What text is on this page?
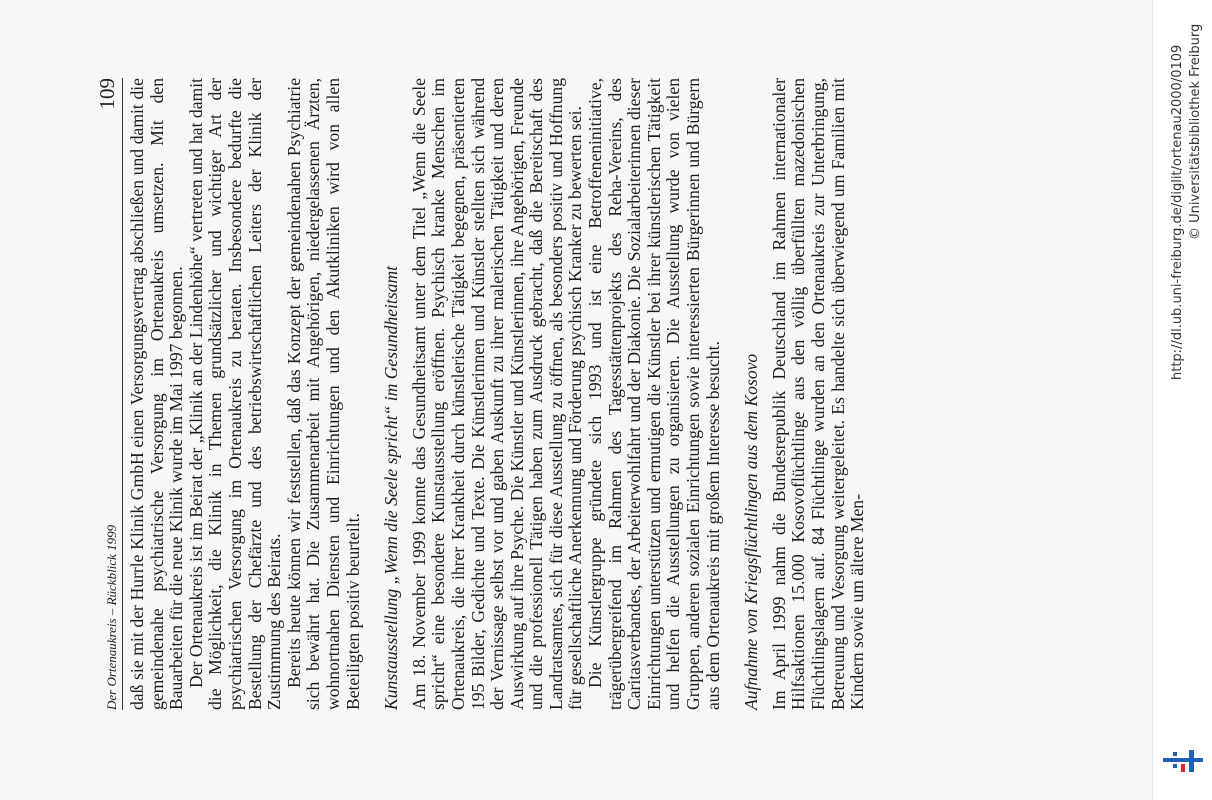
Der Ortenaukreis – Rückblick 1999
109 daß sie mit der Hurrle Klinik GmbH einen Versorgungsvertrag abschließen und damit die gemeindenahe psychiatrische Versorgung im Ortenaukreis umsetzen. Mit den Bauarbeiten für die neue Klinik wurde im Mai 1997 begonnen. Der Ortenaukreis ist im Beirat der „Klinik an der Lindenhöhe“ vertreten und hat damit die Möglichkeit, die Klinik in Themen grundsätzlicher und wichtiger Art der psychiatrischen Versorgung im Ortenaukreis zu beraten. Insbesondere bedurfte die Bestellung der Chefärzte und des betriebswirtschaftlichen Leiters der Klinik der Zustimmung des Beirats. Bereits heute können wir feststellen, daß das Konzept der gemeindenahen Psychiatrie sich bewährt hat. Die Zusammenarbeit mit Angehörigen, niedergelassenen Ärzten, wohnortnahen Diensten und Einrichtungen und den Akutkliniken wird von allen Beteiligten positiv beurteilt. Kunstausstellung „Wenn die Seele spricht“ im Gesundheitsamt Am 18. November 1999 konnte das Gesundheitsamt unter dem Titel „Wenn die Seele spricht“ eine besondere Kunstausstellung eröffnen. Psychisch kranke Menschen im Ortenaukreis, die ihrer Krankheit durch künstlerische Tätigkeit begegnen, präsentierten 195 Bilder, Gedichte und Texte. Die Künstlerinnen und Künstler stellten sich während der Vernissage selbst vor und gaben Auskunft zu ihrer malerischen Tätigkeit und deren Auswirkung auf ihre Psyche. Die Künstler und Künstlerinnen, ihre Angehörigen, Freunde und die professionell Tätigen haben zum Ausdruck gebracht, daß die Bereitschaft des Landratsamtes, sich für diese Ausstellung zu öffnen, als besonders positiv und Hoffnung für gesellschaftliche Anerkennung und Förderung psychisch Kranker zu bewerten sei. Die Künstlergruppe gründete sich 1993 und ist eine Betroffeneninitiative, trägerübergreifend im Rahmen des Tagesstättenprojekts des Reha-Vereins, des Caritasverbandes, der Arbeiterwohlfahrt und der Diakonie. Die Sozialarbeiterinnen dieser Einrichtungen unterstützen und ermutigen die Künstler bei ihrer künstlerischen Tätigkeit und helfen die Ausstellungen zu organisieren. Die Ausstellung wurde von vielen Gruppen, anderen sozialen Einrichtungen sowie interessierten Bürgerinnen und Bürgern aus dem Ortenaukreis mit großem Interesse besucht. Aufnahme von Kriegsflüchtlingen aus dem Kosovo Im April 1999 nahm die Bundesrepublik Deutschland im Rahmen internationaler Hilfsaktionen 15.000 Kosovoflüchtlinge aus den völlig überfüllten mazedonischen Flüchtlingslagern auf. 84 Flüchtlinge wurden an den Ortenaukreis zur Unterbringung, Betreuung und Vesorgung weitergeleitet. Es handelte sich überwiegend um Familien mit Kindern sowie um ältere Men-

http://dl.ub.uni-freiburg.de/diglit/ortenau2000/0109 © Universitätsbibliothek Freiburg
